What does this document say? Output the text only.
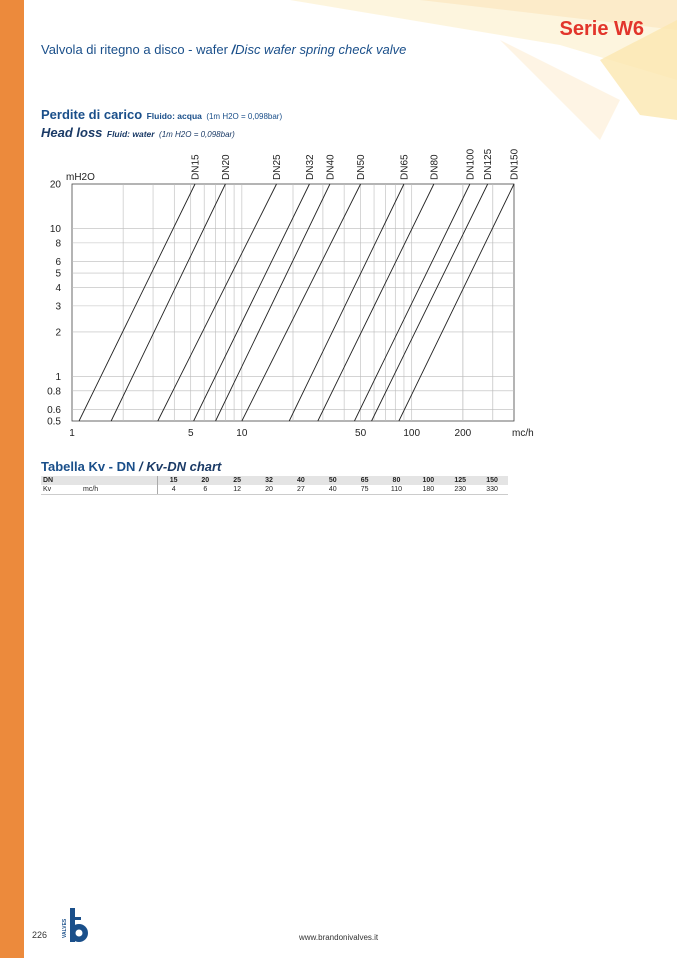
Serie W6
Valvola di ritegno a disco - wafer /Disc wafer spring check valve
Perdite di carico Fluido: acqua (1m H2O = 0,098bar)
Head loss Fluid: water (1m H2O = 0,098bar)
0.5
0.6
0.8
1
2
3
4
5
6
8
10
20
1	5	10	50	100	200
DN15 DN20	DN25 DN32 DN40 DN50	DN65 DN80	DN100 DN125 DN150
mH2O
mc/h
Tabella Kv - DN / Kv-DN chart
DN		15	20	25	32	40	50	65	80	100	125	150
Kv	mc/h	4	6	12	20	27	40	75	110	180	230	330
226	VALVES	www.brandonivalves.it
